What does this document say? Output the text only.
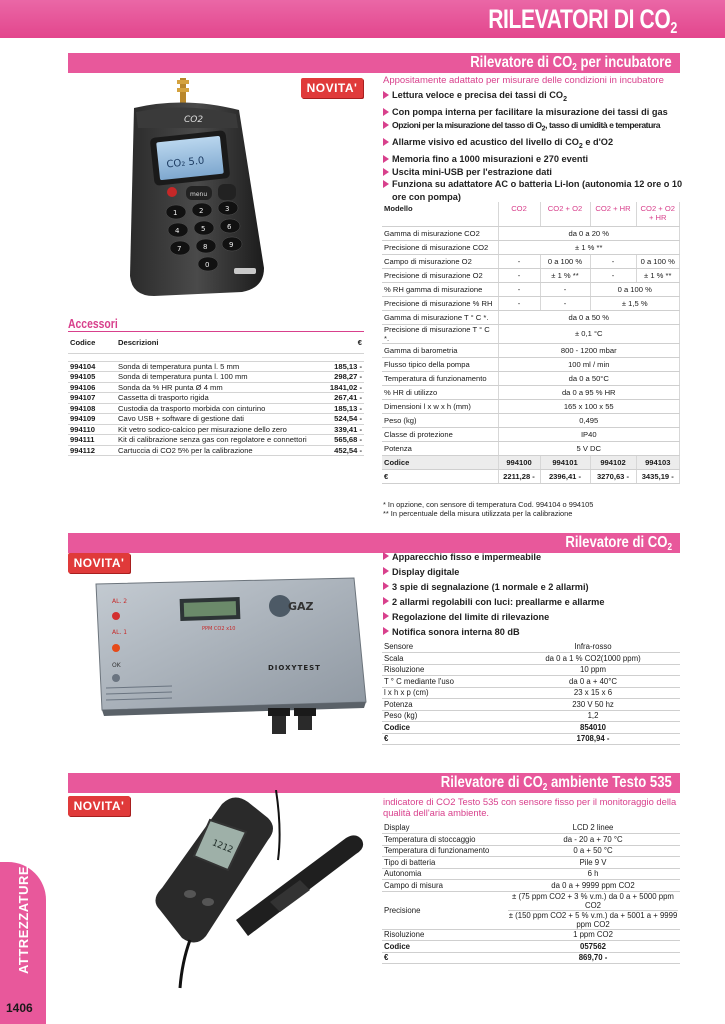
RILEVATORI DI $CO_2$
Rilevatore di $CO_2$ per incubatore
NOVITA'
CO₂ 5.0
CO2
menu
1	2	3
4	5	6
7	8	9
0
Appositamente adattato per misurare delle condizioni in incubatore
Lettura veloce e precisa dei tassi di $CO_2$
Con pompa interna per facilitare la misurazione dei tassi di gas
Opzioni per la misurazione del tasso di $O_2$, tasso di umidità e temperatura
Allarme visivo ed acustico del livello di $CO_2$ e d'O2
Memoria fino a 1000 misurazioni e 270 eventi
Uscita mini-USB per l'estrazione dati
Funziona su adattatore AC o batteria Li-Ion (autonomia 12 ore o 10 ore con pompa)
Modello	CO2	CO2 + O2	CO2 + HR	CO2 + O2 + HR
Gamma di misurazione CO2	da 0 a 20 %			
Precisione di misurazione CO2	± 1 % **			
Campo di misurazione O2	-	0 a 100 %	-	0 a 100 %
Precisione di misurazione O2	-	± 1 % **	-	± 1 % **
% RH gamma di misurazione	-	-	0 a 100 %	
Precisione di misurazione % RH	-	-	± 1,5 %	
Gamma di misurazione T ° C *.	da 0 a 50 %			
Precisione di misurazione T ° C *.	± 0,1 °C			
Gamma di barometria	800 - 1200 mbar			
Flusso tipico della pompa	100 ml / min			
Temperatura di funzionamento	da 0 a 50°C			
% HR di utilizzo	da 0 a 95 % HR			
Dimensioni l x w x h (mm)	165 x 100 x 55			
Peso (kg)	0,495			
Classe di protezione	IP40			
Potenza	5 V DC			
Codice	994100	994101	994102	994103
€	2211,28 -	2396,41 -	3270,63 -	3435,19 -
* In opzione, con sensore di temperatura Cod. 994104 o 994105
** In percentuale della misura utilizzata per la calibrazione
Accessori
Codice	Descrizioni	€

994104	Sonda di temperatura punta l. 5 mm	185,13 -
994105	Sonda di temperatura punta l. 100 mm	298,27 -
994106	Sonda da % HR punta Ø 4 mm	1841,02 -
994107	Cassetta di trasporto rigida	267,41 -
994108	Custodia da trasporto morbida con cinturino	185,13 -
994109	Cavo USB + software di gestione dati	524,54 -
994110	Kit vetro sodico-calcico per misurazione dello zero	339,41 -
994111	Kit di calibrazione senza gas con regolatore e connettori	565,68 -
994112	Cartuccia di CO2 5% per la calibrazione	452,54 -
Rilevatore di $CO_2$
NOVITA'
AL. 2
AL. 1
OK
PPM CO2 x10
GAZ
DIOXYTEST
Apparecchio fisso e impermeabile
Display digitale
3 spie di segnalazione (1 normale e 2 allarmi)
2 allarmi regolabili con luci: preallarme e allarme
Regolazione del limite di rilevazione
Notifica sonora interna 80 dB
Sensore	Infra-rosso

Scala	da 0 a 1 % CO2(1000 ppm)

Risoluzione	10 ppm

T ° C mediante l'uso	da 0 a + 40°C

l x h x p (cm)	23 x 15 x 6

Potenza	230 V 50 hz

Peso (kg)	1,2

Codice	854010

€	1708,94 -
Rilevatore di $CO_2$ ambiente Testo 535
NOVITA'
1212
indicatore di CO2 Testo 535 con sensore fisso per il monitoraggio della qualità dell'aria ambiente.
Display	LCD 2 linee

Temperatura di stoccaggio	da - 20 a + 70 °C

Temperatura di funzionamento	0 a + 50 °C

Tipo di batteria	Pile 9 V

Autonomia	6 h

Campo di misura	da 0 a + 9999 ppm CO2

Precisione	± (75 ppm CO2 + 3 % v.m.) da 0 a + 5000 ppm CO2
± (150 ppm CO2 + 5 % v.m.) da + 5001 a + 9999 ppm CO2

Risoluzione	1 ppm CO2

Codice	057562

€	869,70 -
ATTREZZATURE
1406
